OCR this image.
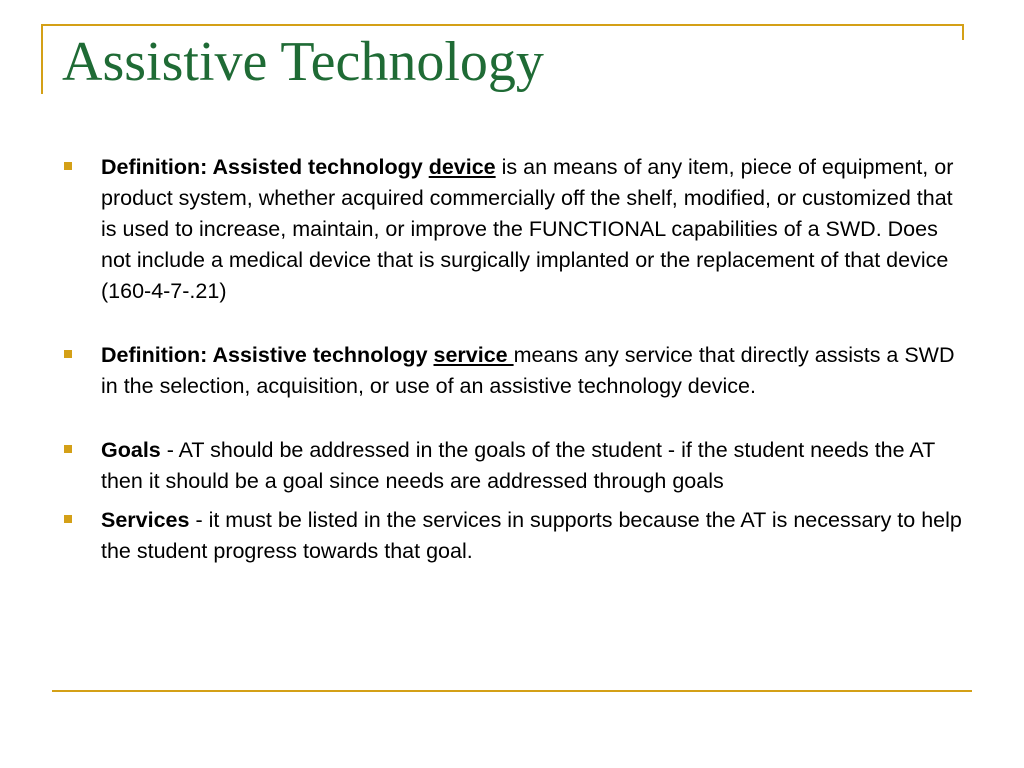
Assistive Technology
Definition: Assisted technology device is an means of any item, piece of equipment, or product system, whether acquired commercially off the shelf, modified, or customized that is used to increase, maintain, or improve the FUNCTIONAL capabilities of a SWD. Does not include a medical device that is surgically implanted or the replacement of that device (160-4-7-.21)
Definition: Assistive technology service means any service that directly assists a SWD in the selection, acquisition, or use of an assistive technology device.
Goals - AT should be addressed in the goals of the student - if the student needs the AT then it should be a goal since needs are addressed through goals
Services - it must be listed in the services in supports because the AT is necessary to help the student progress towards that goal.
